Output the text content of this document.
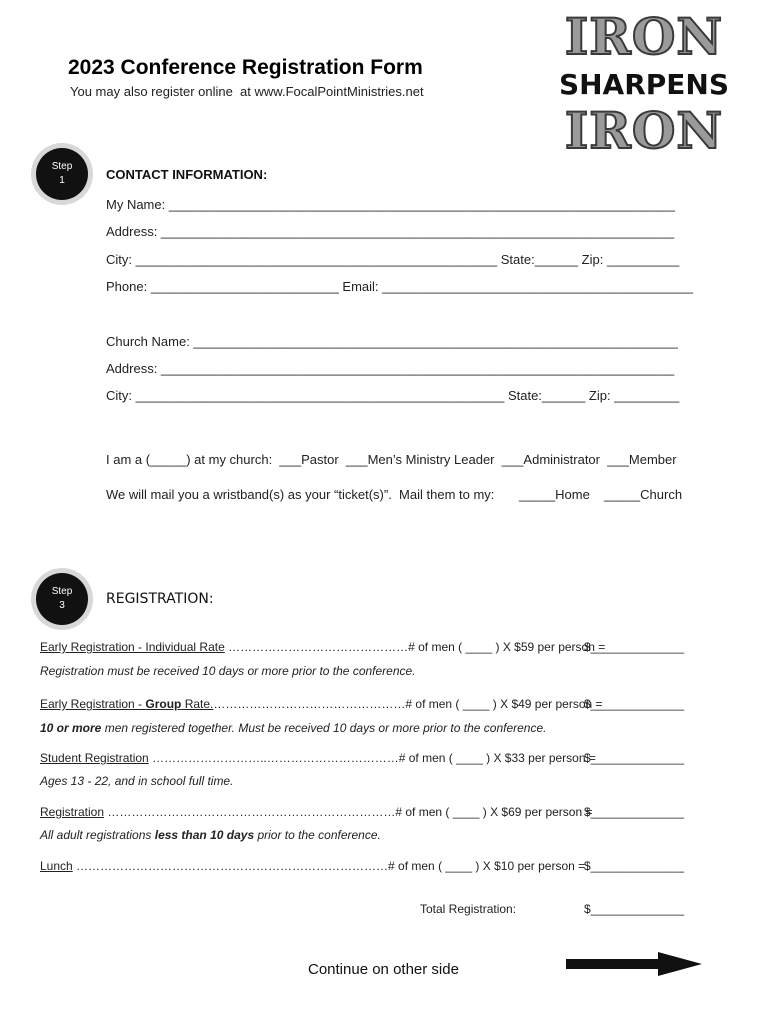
2023 Conference Registration Form
You may also register online  at www.FocalPointMinistries.net
IRON
SHARPENS
IRON
Step
1	CONTACT INFORMATION:
My Name: ______________________________________________________________________
Address: _______________________________________________________________________
City: __________________________________________________ State:______ Zip: __________
Phone: __________________________ Email: ___________________________________________
Church Name: ___________________________________________________________________
Address: _______________________________________________________________________
City: ___________________________________________________ State:______ Zip: _________
I am a (_____) at my church:  ___Pastor  ___Men’s Ministry Leader  ___Administrator  ___Member
We will mail you a wristband(s) as your “ticket(s)”.  Mail them to my: _____Home _____Church
Step
3	REGISTRATION:
Early Registration - Individual Rate ………………………………………# of men ( ____ ) X $59 per person =
$______________
Registration must be received 10 days or more prior to the conference.
Early Registration - Group Rate.…………………………………………# of men ( ____ ) X $49 per person =
$______________
10 or more men registered together. Must be received 10 days or more prior to the conference.
Student Registration ………………………..……………………………# of men ( ____ ) X $33 per person =
$______________
Ages 13 - 22, and in school full time.
Registration ………………………………………………………………# of men ( ____ ) X $69 per person =
$______________
All adult registrations less than 10 days prior to the conference.
Lunch ……………………………………………………………………# of men ( ____ ) X $10 per person =
$______________
Total Registration:	$______________
Continue on other side
